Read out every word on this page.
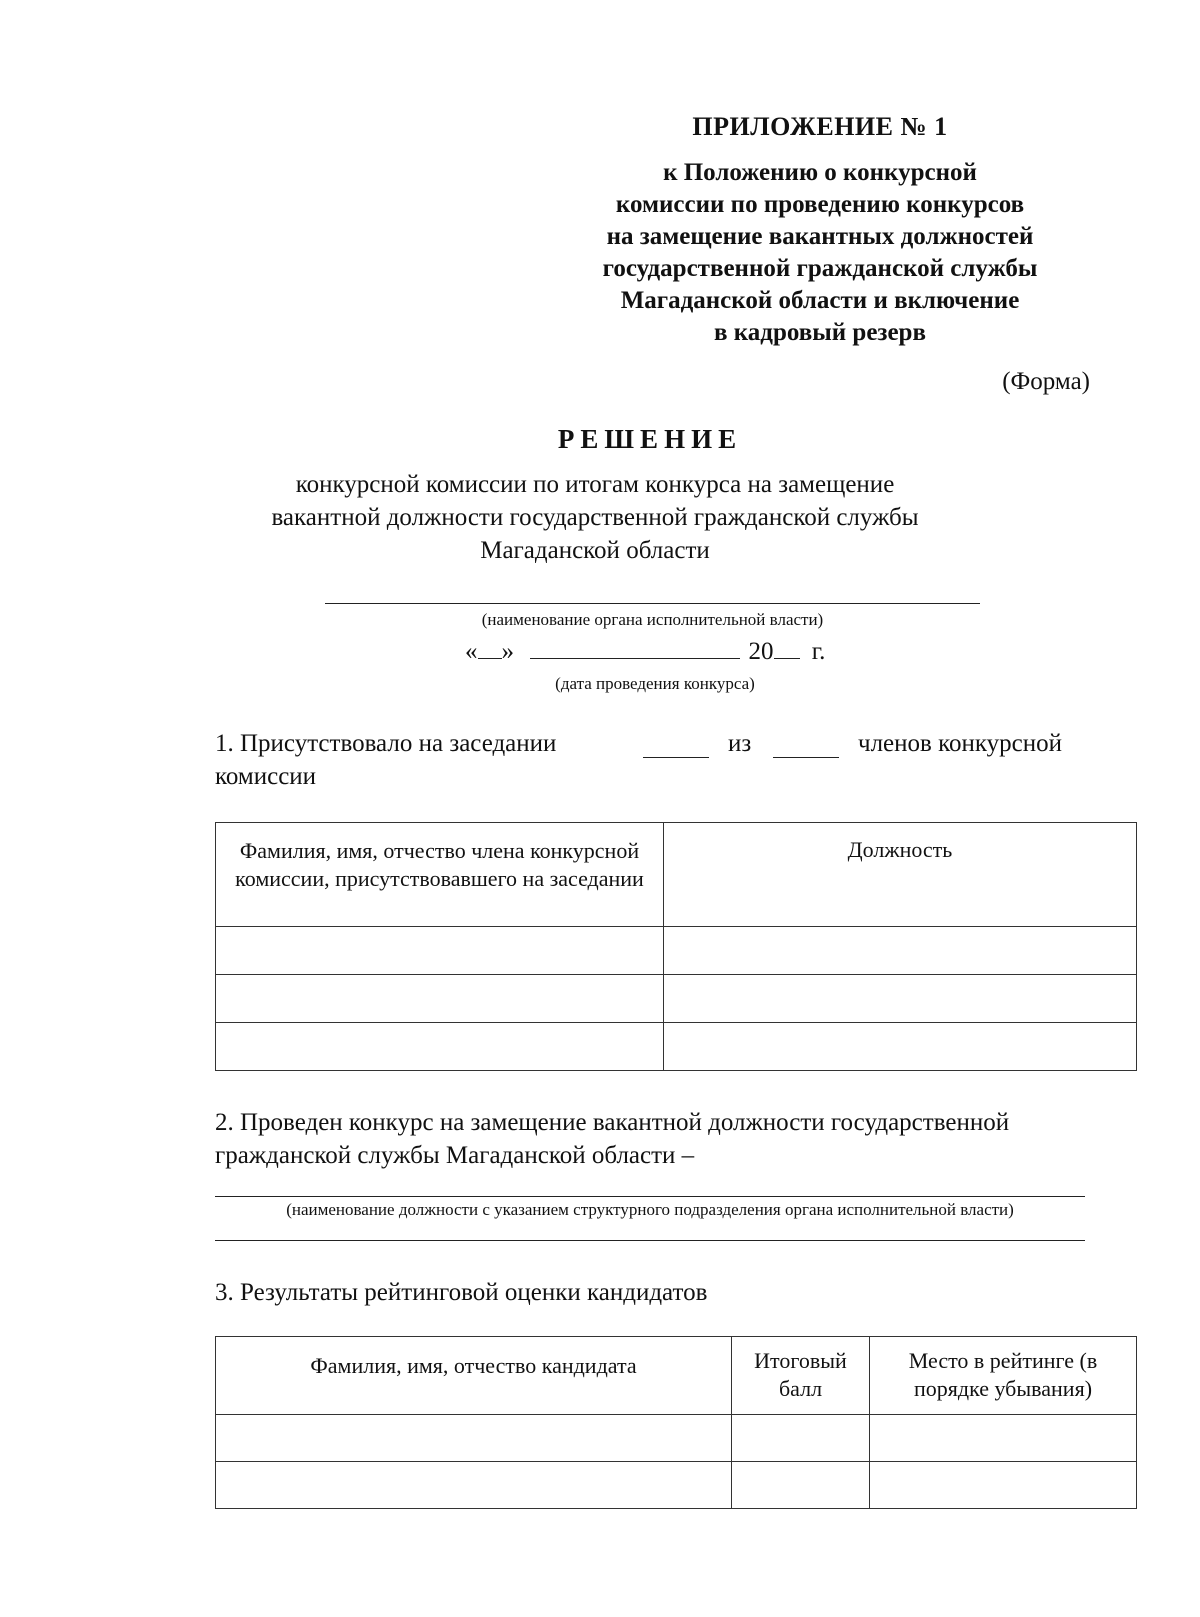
ПРИЛОЖЕНИЕ № 1
к Положению о конкурсной
комиссии по проведению конкурсов
на замещение вакантных должностей
государственной гражданской службы
Магаданской области и включение
в кадровый резерв
(Форма)
РЕШЕНИЕ
конкурсной комиссии по итогам конкурса на замещение
вакантной должности государственной гражданской службы
Магаданской области
(наименование органа исполнительной власти)
« »	20 г.
(дата проведения конкурса)
1. Присутствовало на заседании	из	членов конкурсной
комиссии
Фамилия, имя, отчество члена конкурсной комиссии, присутствовавшего на заседании	Должность

2. Проведен конкурс на замещение вакантной должности государственной
гражданской службы Магаданской области –
(наименование должности с указанием структурного подразделения органа исполнительной власти)
3. Результаты рейтинговой оценки кандидатов
Фамилия, имя, отчество кандидата	Итоговый балл	Место в рейтинге (в порядке убывания)
